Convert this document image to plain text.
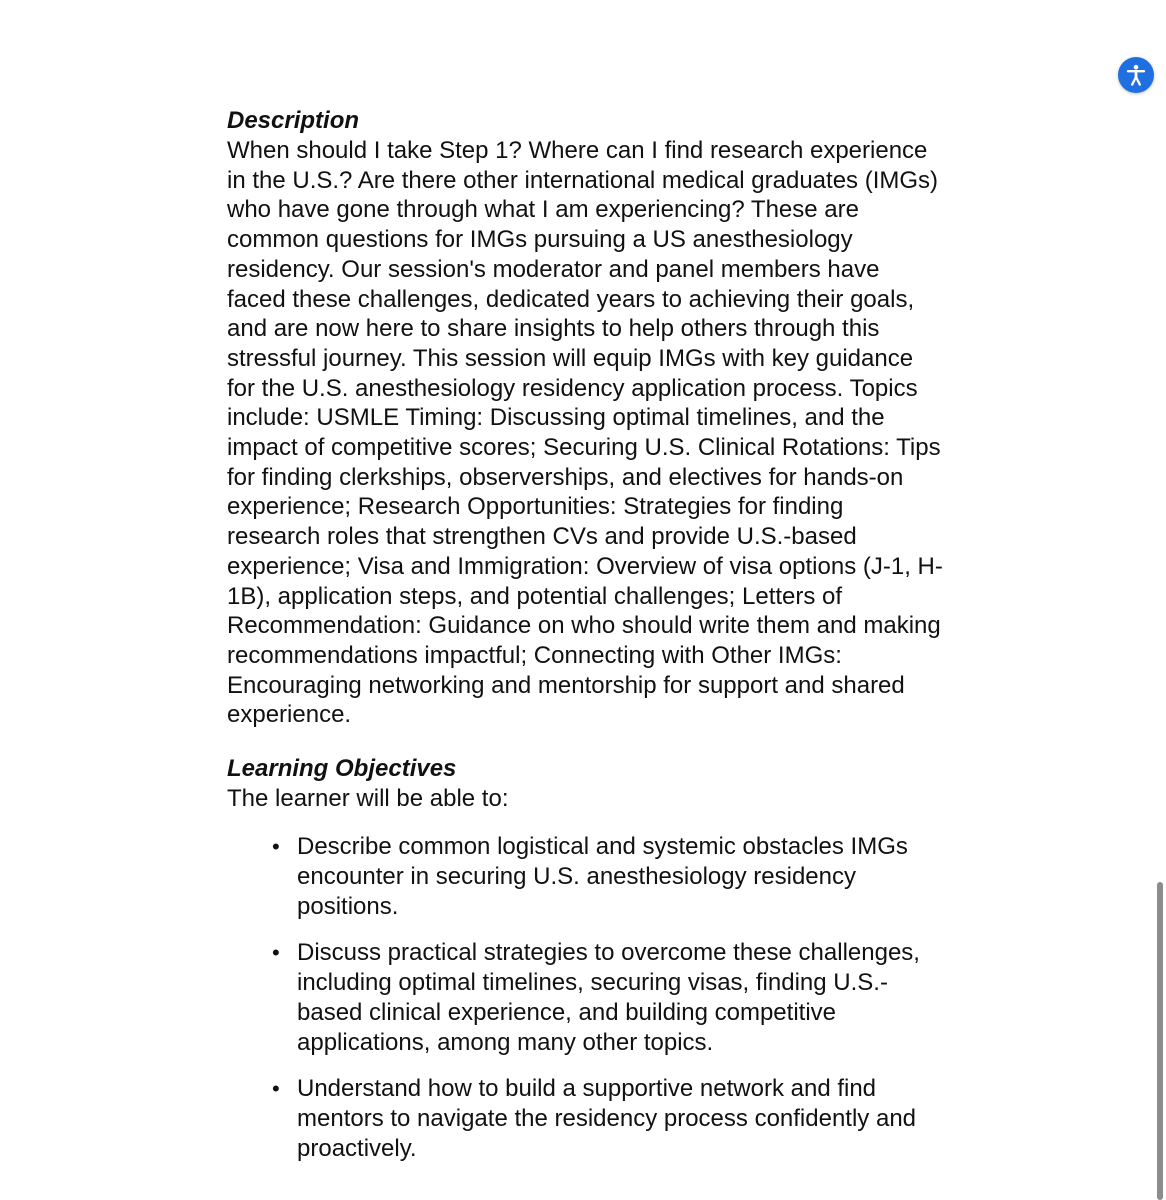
Description

When should I take Step 1? Where can I find research experience in the U.S.? Are there other international medical graduates (IMGs) who have gone through what I am experiencing? These are common questions for IMGs pursuing a US anesthesiology residency. Our session's moderator and panel members have faced these challenges, dedicated years to achieving their goals, and are now here to share insights to help others through this stressful journey. This session will equip IMGs with key guidance for the U.S. anesthesiology residency application process. Topics include: USMLE Timing: Discussing optimal timelines, and the impact of competitive scores; Securing U.S. Clinical Rotations: Tips for finding clerkships, observerships, and electives for hands-on experience; Research Opportunities: Strategies for finding research roles that strengthen CVs and provide U.S.-based experience; Visa and Immigration: Overview of visa options (J-1, H-1B), application steps, and potential challenges; Letters of Recommendation: Guidance on who should write them and making recommendations impactful; Connecting with Other IMGs: Encouraging networking and mentorship for support and shared experience.

Learning Objectives

The learner will be able to:

• Describe common logistical and systemic obstacles IMGs encounter in securing U.S. anesthesiology residency positions.
• Discuss practical strategies to overcome these challenges, including optimal timelines, securing visas, finding U.S.-based clinical experience, and building competitive applications, among many other topics.
• Understand how to build a supportive network and find mentors to navigate the residency process confidently and proactively.
